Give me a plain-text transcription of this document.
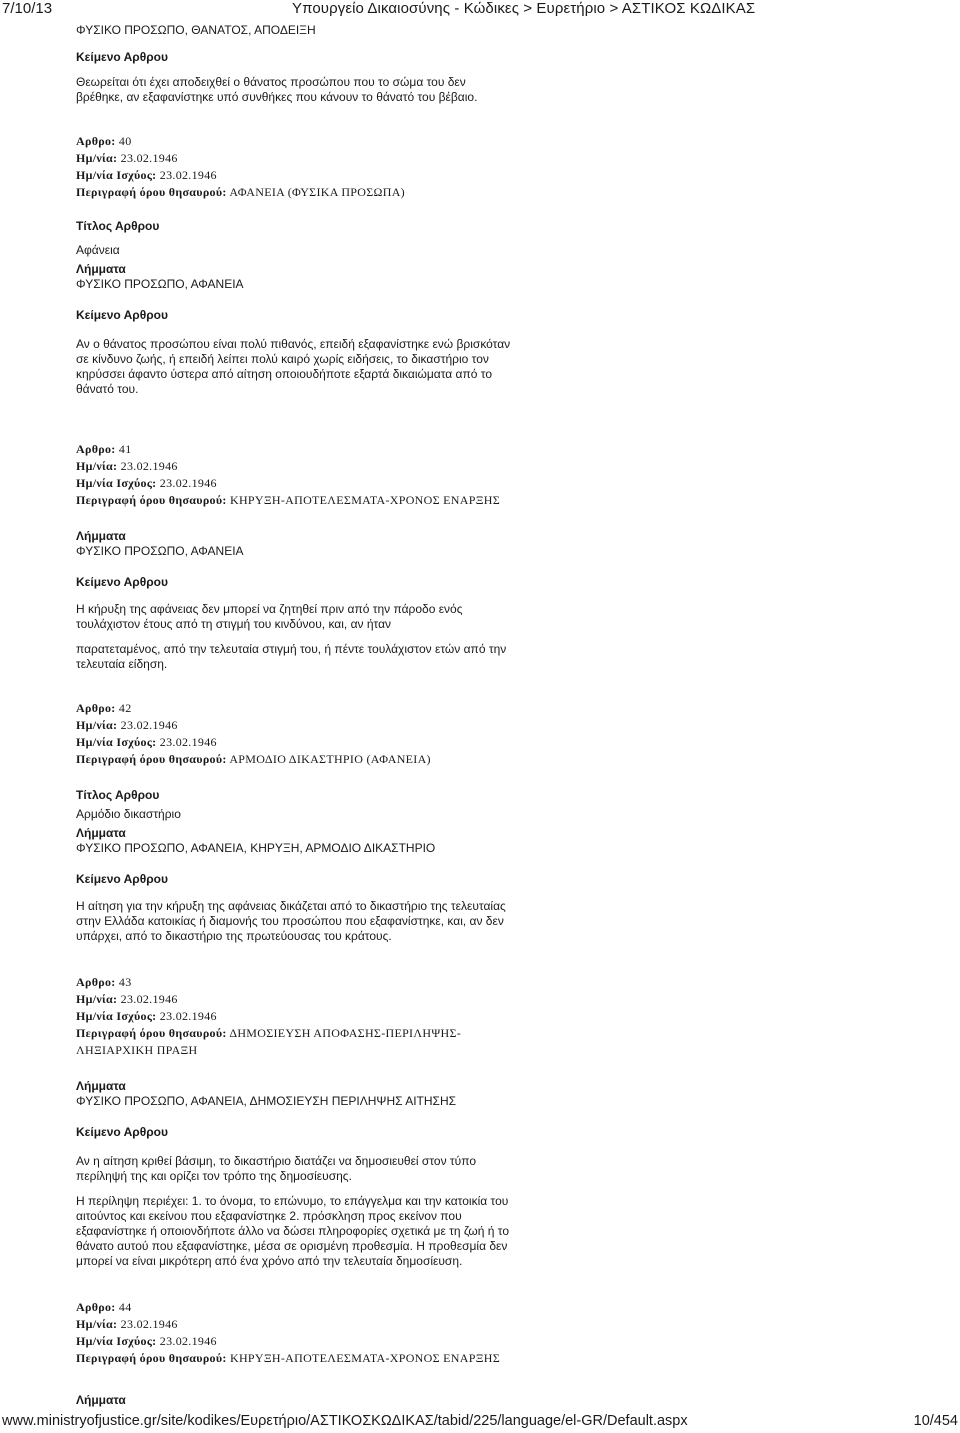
7/10/13	Υπουργείο Δικαιοσύνης - Κώδικες > Ευρετήριο > ΑΣΤΙΚΟΣ ΚΩΔΙΚΑΣ

ΦΥΣΙΚΟ ΠΡΟΣΩΠΟ, ΘΑΝΑΤΟΣ, ΑΠΟΔΕΙΞΗ

Κείμενο Αρθρου

Θεωρείται ότι έχει αποδειχθεί ο θάνατος προσώπου που το σώμα του δεν

βρέθηκε, αν εξαφανίστηκε υπό συνθήκες που κάνουν το θάνατό του βέβαιο.

Αρθρο: 40

Ημ/νία: 23.02.1946

Ημ/νία Ισχύος: 23.02.1946

Περιγραφή όρου θησαυρού: ΑΦΑΝΕΙΑ (ΦΥΣΙΚΑ ΠΡΟΣΩΠΑ)

Τίτλος Αρθρου

Αφάνεια

Λήμματα

ΦΥΣΙΚΟ ΠΡΟΣΩΠΟ, ΑΦΑΝΕΙΑ

Κείμενο Αρθρου

Αν ο θάνατος προσώπου είναι πολύ πιθανός, επειδή εξαφανίστηκε ενώ βρισκόταν

σε κίνδυνο ζωής, ή επειδή λείπει πολύ καιρό χωρίς ειδήσεις, το δικαστήριο τον

κηρύσσει άφαντο ύστερα από αίτηση οποιουδήποτε εξαρτά δικαιώματα από το

θάνατό του.

Αρθρο: 41

Ημ/νία: 23.02.1946

Ημ/νία Ισχύος: 23.02.1946

Περιγραφή όρου θησαυρού: ΚΗΡΥΞΗ-ΑΠΟΤΕΛΕΣΜΑΤΑ-ΧΡΟΝΟΣ ΕΝΑΡΞΗΣ

Λήμματα

ΦΥΣΙΚΟ ΠΡΟΣΩΠΟ, ΑΦΑΝΕΙΑ

Κείμενο Αρθρου

Η κήρυξη της αφάνειας δεν μπορεί να ζητηθεί πριν από την πάροδο ενός

τουλάχιστον έτους από τη στιγμή του κινδύνου, και, αν ήταν

παρατεταμένος, από την τελευταία στιγμή του, ή πέντε τουλάχιστον ετών από την

τελευταία είδηση.

Αρθρο: 42

Ημ/νία: 23.02.1946

Ημ/νία Ισχύος: 23.02.1946

Περιγραφή όρου θησαυρού: ΑΡΜΟΔΙΟ ΔΙΚΑΣΤΗΡΙΟ (ΑΦΑΝΕΙΑ)

Τίτλος Αρθρου

Αρμόδιο δικαστήριο

Λήμματα

ΦΥΣΙΚΟ ΠΡΟΣΩΠΟ, ΑΦΑΝΕΙΑ, ΚΗΡΥΞΗ, ΑΡΜΟΔΙΟ ΔΙΚΑΣΤΗΡΙΟ

Κείμενο Αρθρου

Η αίτηση για την κήρυξη της αφάνειας δικάζεται από το δικαστήριο της τελευταίας

στην Ελλάδα κατοικίας ή διαμονής του προσώπου που εξαφανίστηκε, και, αν δεν

υπάρχει, από το δικαστήριο της πρωτεύουσας του κράτους.

Αρθρο: 43

Ημ/νία: 23.02.1946

Ημ/νία Ισχύος: 23.02.1946

Περιγραφή όρου θησαυρού: ΔΗΜΟΣΙΕΥΣΗ ΑΠΟΦΑΣΗΣ-ΠΕΡΙΛΗΨΗΣ-

ΛΗΞΙΑΡΧΙΚΗ ΠΡΑΞΗ

Λήμματα

ΦΥΣΙΚΟ ΠΡΟΣΩΠΟ, ΑΦΑΝΕΙΑ, ΔΗΜΟΣΙΕΥΣΗ ΠΕΡΙΛΗΨΗΣ ΑΙΤΗΣΗΣ

Κείμενο Αρθρου

Αν η αίτηση κριθεί βάσιμη, το δικαστήριο διατάζει να δημοσιευθεί στον τύπο

περίληψή της και ορίζει τον τρόπο της δημοσίευσης.

Η περίληψη περιέχει: 1. το όνομα, το επώνυμο, το επάγγελμα και την κατοικία του

αιτούντος και εκείνου που εξαφανίστηκε 2. πρόσκληση προς εκείνον που

εξαφανίστηκε ή οποιονδήποτε άλλο να δώσει πληροφορίες σχετικά με τη ζωή ή το

θάνατο αυτού που εξαφανίστηκε, μέσα σε ορισμένη προθεσμία. Η προθεσμία δεν

μπορεί να είναι μικρότερη από ένα χρόνο από την τελευταία δημοσίευση.

Αρθρο: 44

Ημ/νία: 23.02.1946

Ημ/νία Ισχύος: 23.02.1946

Περιγραφή όρου θησαυρού: ΚΗΡΥΞΗ-ΑΠΟΤΕΛΕΣΜΑΤΑ-ΧΡΟΝΟΣ ΕΝΑΡΞΗΣ

Λήμματα

www.ministryofjustice.gr/site/kodikes/Ευρετήριο/ΑΣΤΙΚΟΣΚΩΔΙΚΑΣ/tabid/225/language/el-GR/Default.aspx	10/454
